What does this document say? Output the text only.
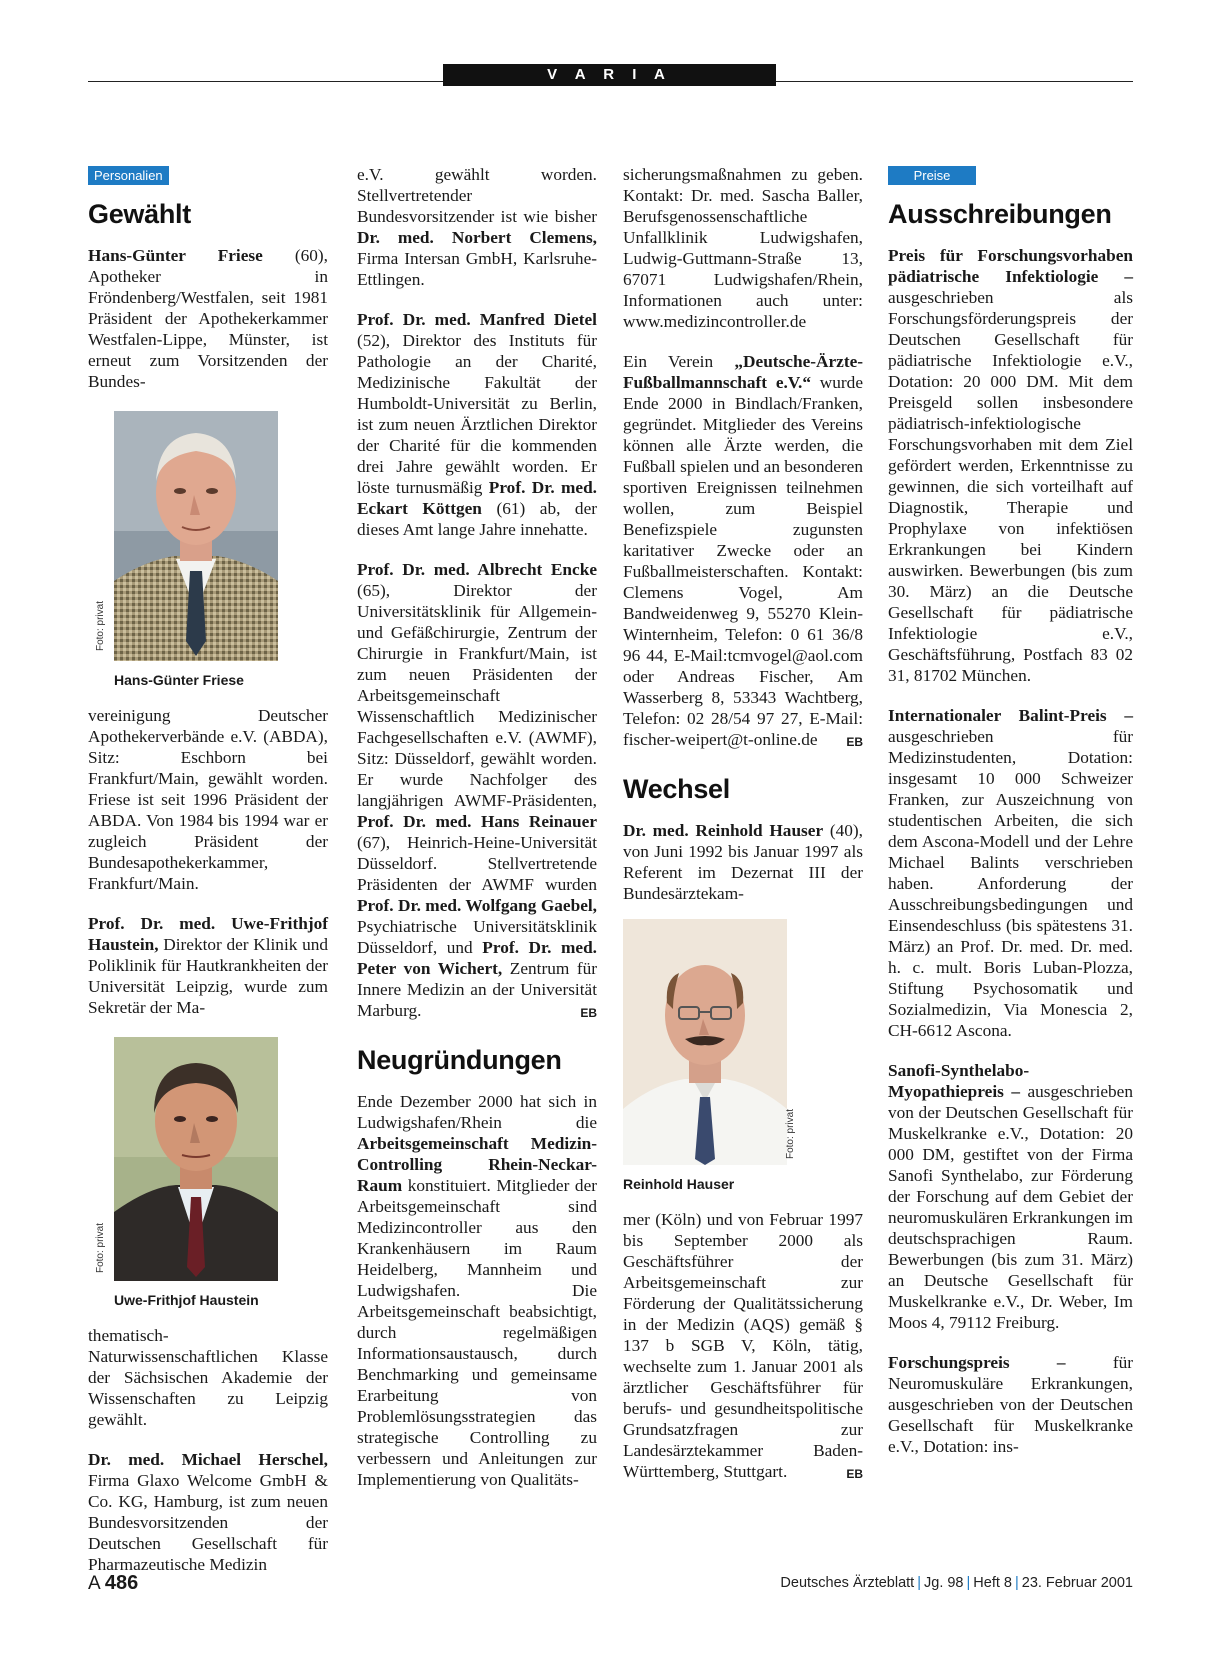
V A R I A
Personalien
Gewählt

Hans-Günter Friese (60), Apotheker in Fröndenberg/Westfalen, seit 1981 Präsident der Apothekerkammer Westfalen-Lippe, Münster, ist erneut zum Vorsitzenden der Bundes-

Foto: privat
Hans-Günter Friese

vereinigung Deutscher Apothekerverbände e.V. (ABDA), Sitz: Eschborn bei Frankfurt/Main, gewählt worden. Friese ist seit 1996 Präsident der ABDA. Von 1984 bis 1994 war er zugleich Präsident der Bundesapothekerkammer, Frankfurt/Main.

Prof. Dr. med. Uwe-Frithjof Haustein, Direktor der Klinik und Poliklinik für Hautkrankheiten der Universität Leipzig, wurde zum Sekretär der Ma-

Foto: privat
Uwe-Frithjof Haustein

thematisch-Naturwissenschaftlichen Klasse der Sächsischen Akademie der Wissenschaften zu Leipzig gewählt.

Dr. med. Michael Herschel, Firma Glaxo Welcome GmbH & Co. KG, Hamburg, ist zum neuen Bundesvorsitzenden der Deutschen Gesellschaft für Pharmazeutische Medizin

e.V. gewählt worden. Stellvertretender Bundesvorsitzender ist wie bisher Dr. med. Norbert Clemens, Firma Intersan GmbH, Karlsruhe-Ettlingen.

Prof. Dr. med. Manfred Dietel (52), Direktor des Instituts für Pathologie an der Charité, Medizinische Fakultät der Humboldt-Universität zu Berlin, ist zum neuen Ärztlichen Direktor der Charité für die kommenden drei Jahre gewählt worden. Er löste turnusmäßig Prof. Dr. med. Eckart Köttgen (61) ab, der dieses Amt lange Jahre innehatte.

Prof. Dr. med. Albrecht Encke (65), Direktor der Universitätsklinik für Allgemein- und Gefäßchirurgie, Zentrum der Chirurgie in Frankfurt/Main, ist zum neuen Präsidenten der Arbeitsgemeinschaft Wissenschaftlich Medizinischer Fachgesellschaften e.V. (AWMF), Sitz: Düsseldorf, gewählt worden. Er wurde Nachfolger des langjährigen AWMF-Präsidenten, Prof. Dr. med. Hans Reinauer (67), Heinrich-Heine-Universität Düsseldorf. Stellvertretende Präsidenten der AWMF wurden Prof. Dr. med. Wolfgang Gaebel, Psychiatrische Universitätsklinik Düsseldorf, und Prof. Dr. med. Peter von Wichert, Zentrum für Innere Medizin an der Universität Marburg.	EB

Neugründungen

Ende Dezember 2000 hat sich in Ludwigshafen/Rhein die Arbeitsgemeinschaft Medizin-Controlling Rhein-Neckar-Raum konstituiert. Mitglieder der Arbeitsgemeinschaft sind Medizincontroller aus den Krankenhäusern im Raum Heidelberg, Mannheim und Ludwigshafen. Die Arbeitsgemeinschaft beabsichtigt, durch regelmäßigen Informationsaustausch, durch Benchmarking und gemeinsame Erarbeitung von Problemlösungsstrategien das strategische Controlling zu verbessern und Anleitungen zur Implementierung von Qualitäts-

sicherungsmaßnahmen zu geben. Kontakt: Dr. med. Sascha Baller, Berufsgenossenschaftliche Unfallklinik Ludwigshafen, Ludwig-Guttmann-Straße 13, 67071 Ludwigshafen/Rhein, Informationen auch unter: www.medizincontroller.de

Ein Verein „Deutsche-Ärzte-Fußballmannschaft e.V.“ wurde Ende 2000 in Bindlach/Franken, gegründet. Mitglieder des Vereins können alle Ärzte werden, die Fußball spielen und an besonderen sportiven Ereignissen teilnehmen wollen, zum Beispiel Benefizspiele zugunsten karitativer Zwecke oder an Fußballmeisterschaften. Kontakt: Clemens Vogel, Am Bandweidenweg 9, 55270 Klein-Winternheim, Telefon: 0 61 36/8 96 44, E-Mail:tcmvogel@aol.com oder Andreas Fischer, Am Wasserberg 8, 53343 Wachtberg, Telefon: 02 28/54 97 27, E-Mail: fischer-weipert@t-online.de EB

Wechsel

Dr. med. Reinhold Hauser (40), von Juni 1992 bis Januar 1997 als Referent im Dezernat III der Bundesärztekam-

Foto: privat
Reinhold Hauser

mer (Köln) und von Februar 1997 bis September 2000 als Geschäftsführer der Arbeitsgemeinschaft zur Förderung der Qualitätssicherung in der Medizin (AQS) gemäß § 137 b SGB V, Köln, tätig, wechselte zum 1. Januar 2001 als ärztlicher Geschäftsführer für berufs- und gesundheitspolitische Grundsatzfragen zur Landesärztekammer Baden-Württemberg, Stuttgart.	EB

Preise
Ausschreibungen

Preis für Forschungsvorhaben pädiatrische Infektiologie – ausgeschrieben als Forschungsförderungspreis der Deutschen Gesellschaft für pädiatrische Infektiologie e.V., Dotation: 20 000 DM. Mit dem Preisgeld sollen insbesondere pädiatrisch-infektiologische Forschungsvorhaben mit dem Ziel gefördert werden, Erkenntnisse zu gewinnen, die sich vorteilhaft auf Diagnostik, Therapie und Prophylaxe von infektiösen Erkrankungen bei Kindern auswirken. Bewerbungen (bis zum 30. März) an die Deutsche Gesellschaft für pädiatrische Infektiologie e.V., Geschäftsführung, Postfach 83 02 31, 81702 München.

Internationaler Balint-Preis – ausgeschrieben für Medizinstudenten, Dotation: insgesamt 10 000 Schweizer Franken, zur Auszeichnung von studentischen Arbeiten, die sich dem Ascona-Modell und der Lehre Michael Balints verschrieben haben. Anforderung der Ausschreibungsbedingungen und Einsendeschluss (bis spätestens 31. März) an Prof. Dr. med. Dr. med. h. c. mult. Boris Luban-Plozza, Stiftung Psychosomatik und Sozialmedizin, Via Monescia 2, CH-6612 Ascona.

Sanofi-Synthelabo-Myopathiepreis – ausgeschrieben von der Deutschen Gesellschaft für Muskelkranke e.V., Dotation: 20 000 DM, gestiftet von der Firma Sanofi Synthelabo, zur Förderung der Forschung auf dem Gebiet der neuromuskulären Erkrankungen im deutschsprachigen Raum. Bewerbungen (bis zum 31. März) an Deutsche Gesellschaft für Muskelkranke e.V., Dr. Weber, Im Moos 4, 79112 Freiburg.

Forschungspreis – für Neuromuskuläre Erkrankungen, ausgeschrieben von der Deutschen Gesellschaft für Muskelkranke e.V., Dotation: ins-

A 486	Deutsches Ärzteblatt | Jg. 98 | Heft 8 | 23. Februar 2001
